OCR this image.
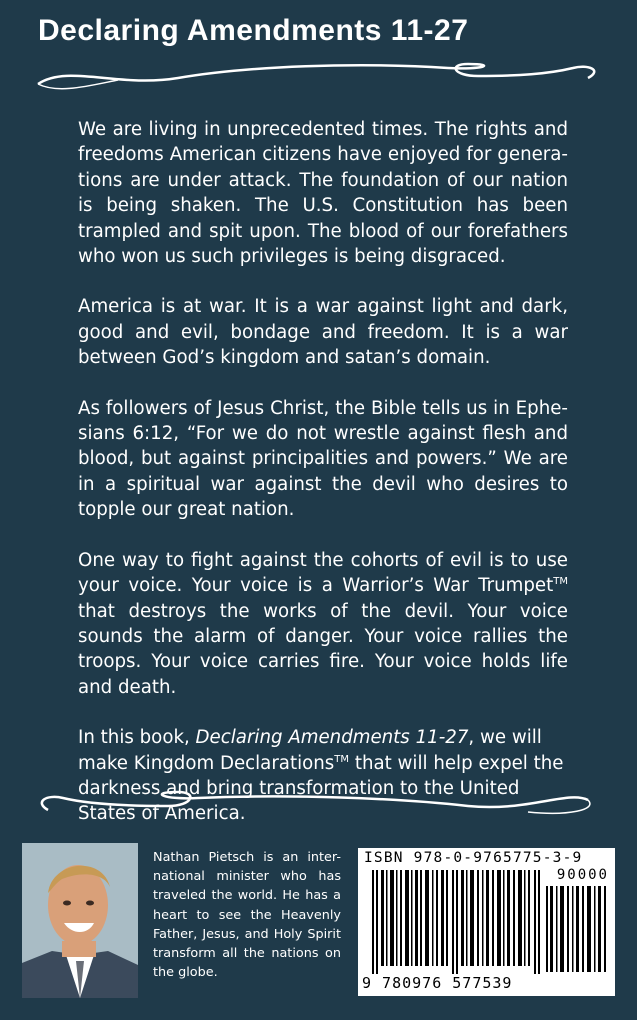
Declaring Amendments 11-27

We are living in unprecedented times. The rights and freedoms American citizens have enjoyed for genera-tions are under attack. The foundation of our nation is being shaken. The U.S. Constitution has been trampled and spit upon. The blood of our forefathers who won us such privileges is being disgraced.

America is at war. It is a war against light and dark, good and evil, bondage and freedom. It is a war between God’s kingdom and satan’s domain.

As followers of Jesus Christ, the Bible tells us in Ephe-sians 6:12, “For we do not wrestle against flesh and blood, but against principalities and powers.” We are in a spiritual war against the devil who desires to topple our great nation.

One way to fight against the cohorts of evil is to use your voice. Your voice is a Warrior’s War Trumpet™ that destroys the works of the devil. Your voice sounds the alarm of danger. Your voice rallies the troops. Your voice carries fire. Your voice holds life and death.

In this book, Declaring Amendments 11-27, we will make Kingdom Declarations™ that will help expel the darkness and bring transformation to the United States of America.

Nathan Pietsch is an inter-national minister who has traveled the world. He has a heart to see the Heavenly Father, Jesus, and Holy Spirit transform all the nations on the globe.
ISBN 978-0-9765775-3-9
90000
9 780976 577539
